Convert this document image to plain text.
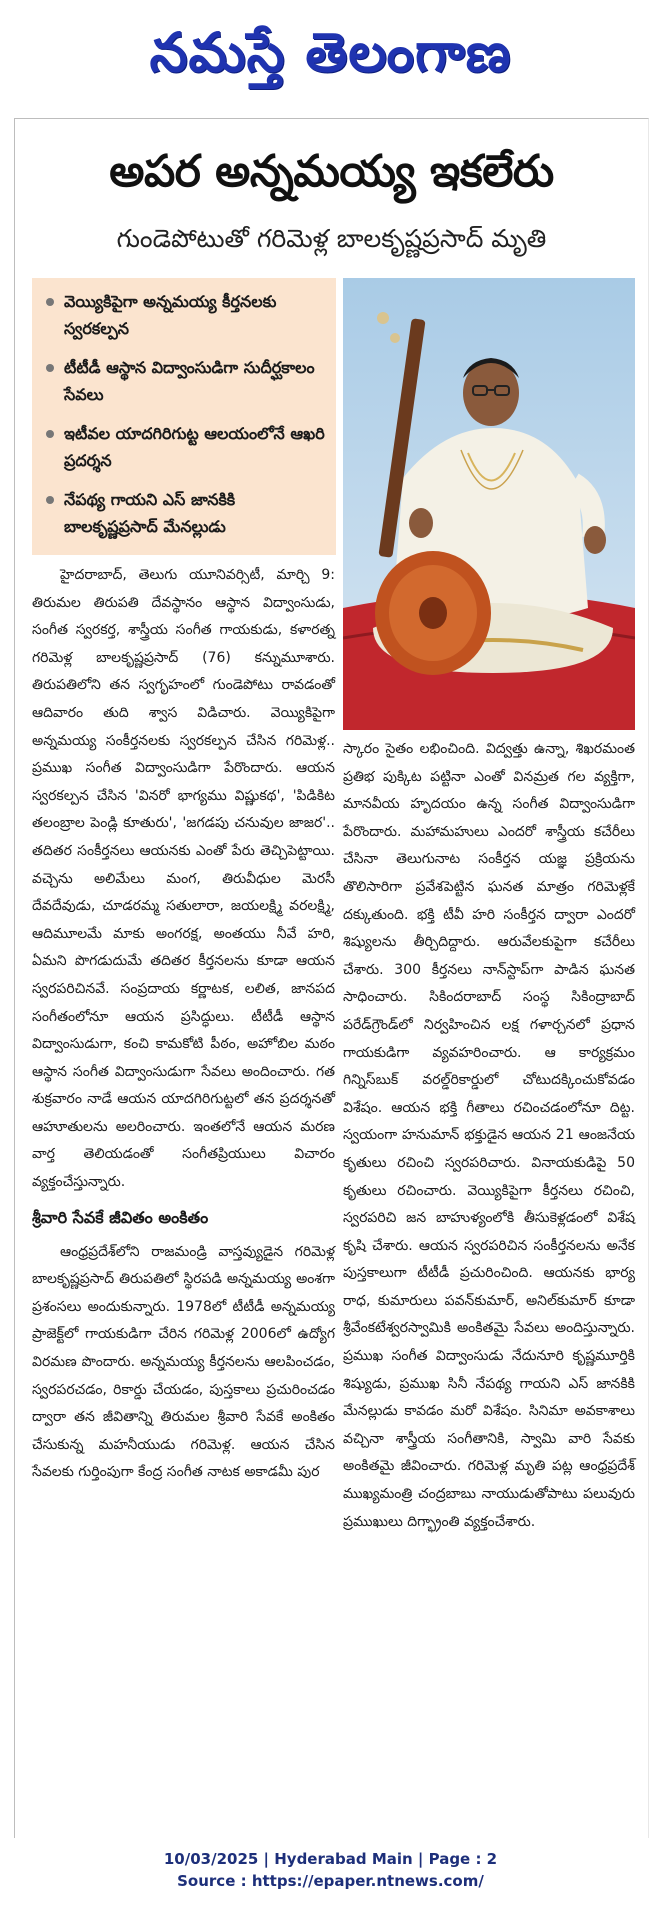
నమస్తే తెలంగాణ
అపర అన్నమయ్య ఇకలేరు
గుండెపోటుతో గరిమెళ్ల బాలకృష్ణప్రసాద్ మృతి
వెయ్యికిపైగా అన్నమయ్య కీర్తనలకు స్వరకల్పన
టీటీడీ ఆస్థాన విద్వాంసుడిగా సుదీర్ఘకాలం సేవలు
ఇటీవల యాదగిరిగుట్ట ఆలయంలోనే ఆఖరి ప్రదర్శన
నేపథ్య గాయని ఎస్ జానకికి బాలకృష్ణప్రసాద్ మేనల్లుడు

హైదరాబాద్, తెలుగు యూనివర్సిటీ, మార్చి 9: తిరుమల తిరుపతి దేవస్థానం ఆస్థాన విద్వాంసుడు, సంగీత స్వరకర్త, శాస్త్రీయ సంగీత గాయకుడు, కళారత్న గరిమెళ్ల బాలకృష్ణప్రసాద్ (76) కన్నుమూశారు. తిరుపతిలోని తన స్వగృహంలో గుండెపోటు రావడంతో ఆదివారం తుది శ్వాస విడిచారు. వెయ్యికిపైగా అన్నమయ్య సంకీర్తనలకు స్వరకల్పన చేసిన గరిమెళ్ల.. ప్రముఖ సంగీత విద్వాంసుడిగా పేరొందారు. ఆయన స్వరకల్పన చేసిన 'వినరో భాగ్యము విష్ణుకథ', 'పిడికిట తలంబ్రాల పెండ్లి కూతురు', 'జగడపు చనువుల జాజర'.. తదితర సంకీర్తనలు ఆయనకు ఎంతో పేరు తెచ్చిపెట్టాయి. వచ్చెను అలిమేలు మంగ, తిరువీధుల మెరసీ దేవదేవుడు, చూడరమ్మ సతులారా, జయలక్ష్మి వరలక్ష్మి, ఆదిమూలమే మాకు అంగరక్ష, అంతయు నీవే హరి, ఏమని పొగడుదుమే తదితర కీర్తనలను కూడా ఆయన స్వరపరిచినవే. సంప్రదాయ కర్ణాటక, లలిత, జానపద సంగీతంలోనూ ఆయన ప్రసిద్ధులు. టీటీడీ ఆస్థాన విద్వాంసుడుగా, కంచి కామకోటి పీఠం, అహోబిల మఠం ఆస్థాన సంగీత విద్వాంసుడుగా సేవలు అందించారు. గత శుక్రవారం నాడే ఆయన యాదగిరిగుట్టలో తన ప్రదర్శనతో ఆహూతులను అలరించారు. ఇంతలోనే ఆయన మరణ వార్త తెలియడంతో సంగీతప్రియులు విచారం వ్యక్తంచేస్తున్నారు.

శ్రీవారి సేవకే జీవితం అంకితం

ఆంధ్రప్రదేశ్‌లోని రాజమండ్రి వాస్తవ్యుడైన గరిమెళ్ల బాలకృష్ణప్రసాద్ తిరుపతిలో స్థిరపడి అన్నమయ్య అంశగా ప్రశంసలు అందుకున్నారు. 1978లో టీటీడీ అన్నమయ్య ప్రాజెక్ట్‌లో గాయకుడిగా చేరిన గరిమెళ్ల 2006లో ఉద్యోగ విరమణ పొందారు. అన్నమయ్య కీర్తనలను ఆలపించడం, స్వరపరచడం, రికార్డు చేయడం, పుస్తకాలు ప్రచురించడం ద్వారా తన జీవితాన్ని తిరుమల శ్రీవారి సేవకే అంకితం చేసుకున్న మహనీయుడు గరిమెళ్ల. ఆయన చేసిన సేవలకు గుర్తింపుగా కేంద్ర సంగీత నాటక అకాడమీ పుర

స్కారం సైతం లభించింది. విద్వత్తు ఉన్నా, శిఖరమంత ప్రతిభ పుక్కిట పట్టినా ఎంతో వినమ్రత గల వ్యక్తిగా, మానవీయ హృదయం ఉన్న సంగీత విద్వాంసుడిగా పేరొందారు. మహామహులు ఎందరో శాస్త్రీయ కచేరీలు చేసినా తెలుగునాట సంకీర్తన యజ్ఞ ప్రక్రియను తొలిసారిగా ప్రవేశపెట్టిన ఘనత మాత్రం గరిమెళ్లకే దక్కుతుంది. భక్తి టీవీ హరి సంకీర్తన ద్వారా ఎందరో శిష్యులను తీర్చిదిద్దారు. ఆరువేలకుపైగా కచేరీలు చేశారు. 300 కీర్తనలు నాన్‌స్టాప్‌గా పాడిన ఘనత సాధించారు. సికిందరాబాద్ సంస్థ సికింద్రాబాద్ పరేడ్‌గ్రౌండ్‌లో నిర్వహించిన లక్ష గళార్చనలో ప్రధాన గాయకుడిగా వ్యవహరించారు. ఆ కార్యక్రమం గిన్నిస్‌బుక్ వరల్డ్‌రికార్డులో చోటుదక్కించుకోవడం విశేషం. ఆయన భక్తి గీతాలు రచించడంలోనూ దిట్ట. స్వయంగా హనుమాన్ భక్తుడైన ఆయన 21 ఆంజనేయ కృతులు రచించి స్వరపరిచారు. వినాయకుడిపై 50 కృతులు రచించారు. వెయ్యికిపైగా కీర్తనలు రచించి, స్వరపరిచి జన బాహుళ్యంలోకి తీసుకెళ్లడంలో విశేష కృషి చేశారు. ఆయన స్వరపరిచిన సంకీర్తనలను అనేక పుస్తకాలుగా టీటీడీ ప్రచురించింది. ఆయనకు భార్య రాధ, కుమారులు పవన్‌కుమార్, అనిల్‌కుమార్ కూడా శ్రీవేంకటేశ్వరస్వామికి అంకితమై సేవలు అందిస్తున్నారు. ప్రముఖ సంగీత విద్వాంసుడు నేదునూరి కృష్ణమూర్తికి శిష్యుడు, ప్రముఖ సినీ నేపథ్య గాయని ఎస్ జానకికి మేనల్లుడు కావడం మరో విశేషం. సినిమా అవకాశాలు వచ్చినా శాస్త్రీయ సంగీతానికి, స్వామి వారి సేవకు అంకితమై జీవించారు. గరిమెళ్ల మృతి పట్ల ఆంధ్రప్రదేశ్ ముఖ్యమంత్రి చంద్రబాబు నాయుడుతోపాటు పలువురు ప్రముఖులు దిగ్భ్రాంతి వ్యక్తంచేశారు.

10/03/2025 | Hyderabad Main | Page : 2
Source : https://epaper.ntnews.com/
